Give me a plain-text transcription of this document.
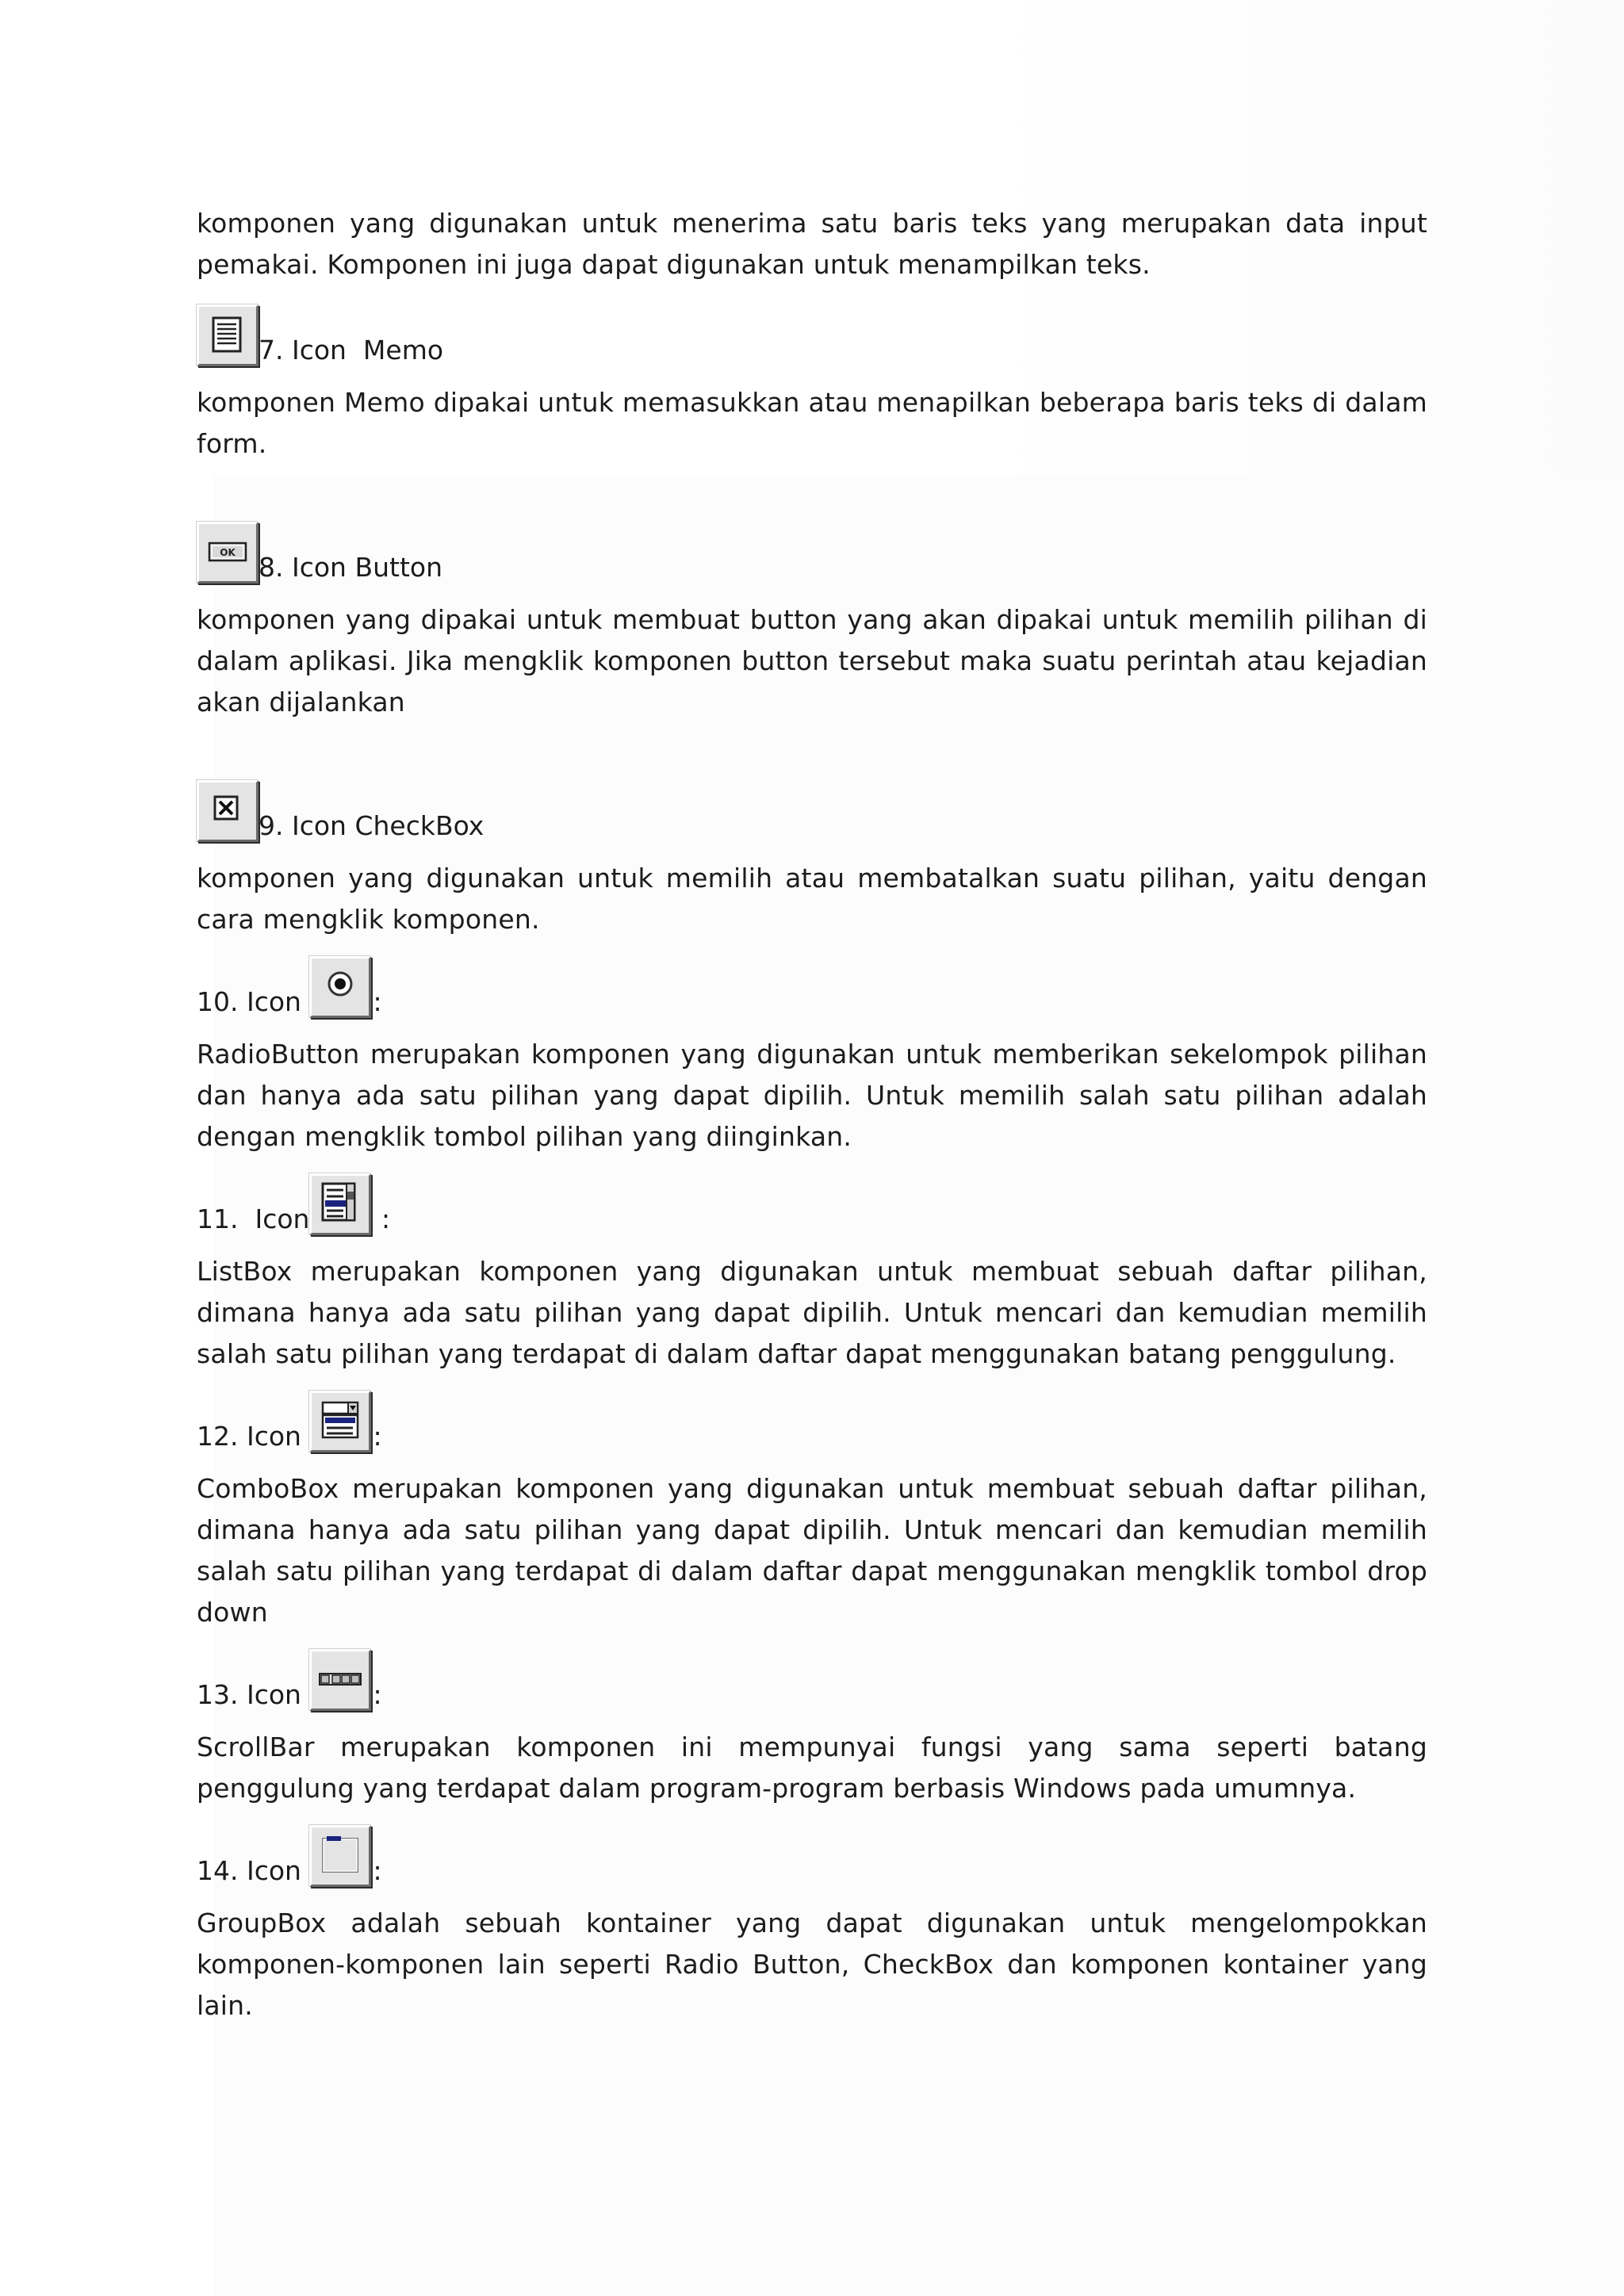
komponen yang digunakan untuk menerima satu baris teks yang merupakan data input pemakai. Komponen ini juga dapat digunakan untuk menampilkan teks.

7. Icon  Memo

komponen Memo dipakai untuk memasukkan atau menapilkan beberapa baris teks di dalam form.

OK 8. Icon Button

komponen yang dipakai untuk membuat button yang akan dipakai untuk memilih pilihan di dalam aplikasi. Jika mengklik komponen button tersebut maka suatu perintah atau kejadian akan dijalankan

9. Icon CheckBox

komponen yang digunakan untuk memilih atau membatalkan suatu pilihan, yaitu dengan cara mengklik komponen.

10. Icon :

RadioButton merupakan komponen yang digunakan untuk memberikan sekelompok pilihan dan hanya ada satu pilihan yang dapat dipilih. Untuk memilih salah satu pilihan adalah dengan mengklik tombol pilihan yang diinginkan.

11.  Icon :

ListBox merupakan komponen yang digunakan untuk membuat sebuah daftar pilihan, dimana hanya ada satu pilihan yang dapat dipilih. Untuk mencari dan kemudian memilih salah satu pilihan yang terdapat di dalam daftar dapat menggunakan batang penggulung.

12. Icon :

ComboBox merupakan komponen yang digunakan untuk membuat sebuah daftar pilihan, dimana hanya ada satu pilihan yang dapat dipilih. Untuk mencari dan kemudian memilih salah satu pilihan yang terdapat di dalam daftar dapat menggunakan mengklik tombol drop down

13. Icon :

ScrollBar merupakan komponen ini mempunyai fungsi yang sama seperti batang penggulung yang terdapat dalam program-program berbasis Windows pada umumnya.

14. Icon :

GroupBox adalah sebuah kontainer yang dapat digunakan untuk mengelompokkan komponen-komponen lain seperti Radio Button, CheckBox dan komponen kontainer yang lain.
